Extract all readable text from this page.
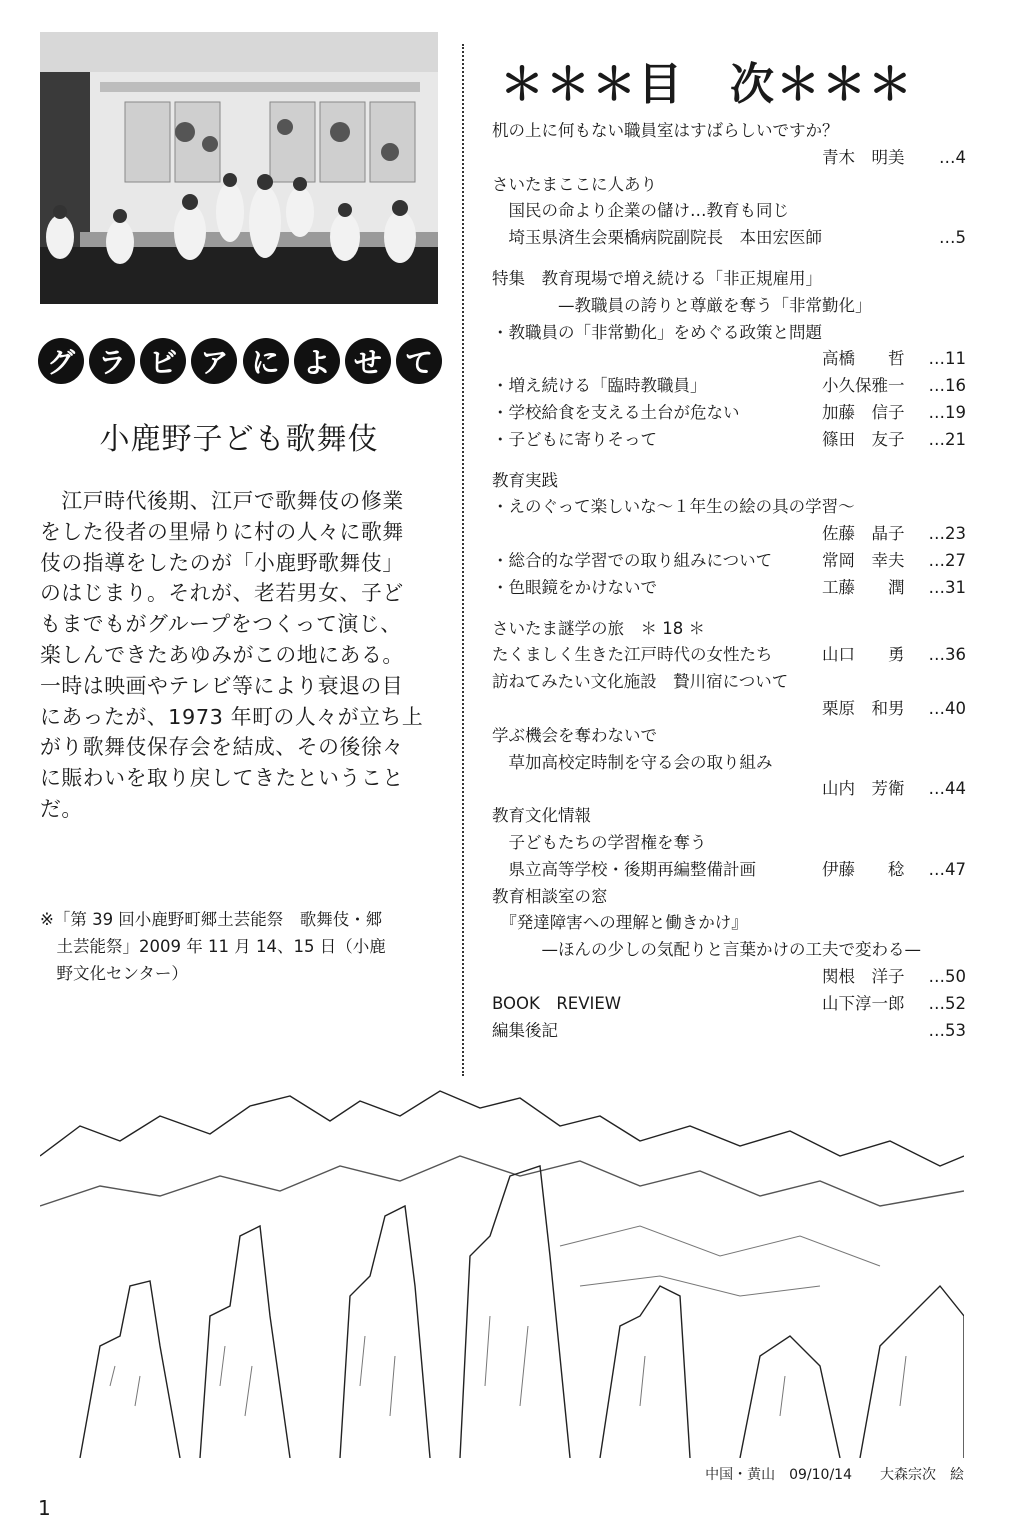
グ ラ ビ ア に よ せ て
小鹿野子ども歌舞伎
　江戸時代後期、江戸で歌舞伎の修業
をした役者の里帰りに村の人々に歌舞
伎の指導をしたのが「小鹿野歌舞伎」
のはじまり。それが、老若男女、子ど
もまでもがグループをつくって演じ、
楽しんできたあゆみがこの地にある。
一時は映画やテレビ等により衰退の目
にあったが、1973 年町の人々が立ち上
がり歌舞伎保存会を結成、その後徐々
に賑わいを取り戻してきたということ
だ。
※「第 39 回小鹿野町郷土芸能祭　歌舞伎・郷
　土芸能祭」2009 年 11 月 14、15 日（小鹿
　野文化センター）
＊＊＊目　次＊＊＊
机の上に何もない職員室はすばらしいですか？
青木　明美	…4
さいたまここに人あり
　国民の命より企業の儲け…教育も同じ
　埼玉県済生会栗橋病院副院長　本田宏医師	…5
特集　教育現場で増え続ける「非正規雇用」
　　　　—教職員の誇りと尊厳を奪う「非常勤化」
・教職員の「非常勤化」をめぐる政策と問題
高橋　　哲	…11
・増え続ける「臨時教職員」	小久保雅一	…16
・学校給食を支える土台が危ない	加藤　信子	…19
・子どもに寄りそって	篠田　友子	…21
教育実践
・えのぐって楽しいな〜１年生の絵の具の学習〜
佐藤　晶子	…23
・総合的な学習での取り組みについて	常岡　幸夫	…27
・色眼鏡をかけないで	工藤　　潤	…31
さいたま謎学の旅　＊ 18 ＊
たくましく生きた江戸時代の女性たち	山口　　勇	…36
訪ねてみたい文化施設　贄川宿について
栗原　和男	…40
学ぶ機会を奪わないで
　草加高校定時制を守る会の取り組み
山内　芳衛	…44
教育文化情報
　子どもたちの学習権を奪う
　県立高等学校・後期再編整備計画	伊藤　　稔	…47
教育相談室の窓
　『発達障害への理解と働きかけ』
　　　—ほんの少しの気配りと言葉かけの工夫で変わる—
関根　洋子	…50
BOOK　REVIEW	山下淳一郎	…52
編集後記	…53
中国・黄山　09/10/14　　大森宗次　絵
1
